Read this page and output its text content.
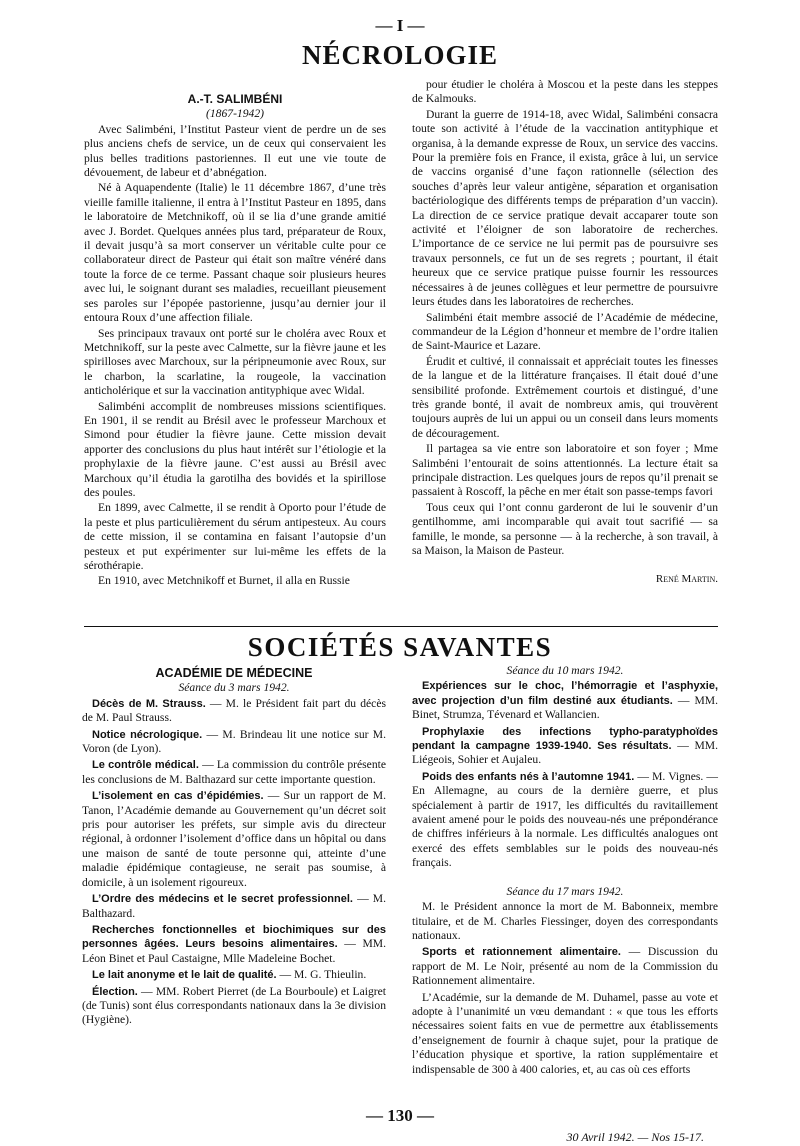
— I —
NÉCROLOGIE

A.-T. SALIMBÉNI

(1867-1942)

Avec Salimbéni, l’Institut Pasteur vient de perdre un de ses plus anciens chefs de service, un de ceux qui conservaient les plus belles traditions pastoriennes. Il eut une vie toute de dévouement, de labeur et d’abnégation.

Né à Aquapendente (Italie) le 11 décembre 1867, d’une très vieille famille italienne, il entra à l’Institut Pasteur en 1895, dans le laboratoire de Metchnikoff, où il se lia d’une grande amitié avec J. Bordet. Quelques années plus tard, préparateur de Roux, il devait jusqu’à sa mort conserver un véritable culte pour ce collaborateur direct de Pasteur qui était son maître vénéré dans toute la force de ce terme. Passant chaque soir plusieurs heures avec lui, le soignant durant ses maladies, recueillant pieusement ses paroles sur l’épopée pastorienne, jusqu’au dernier jour il entoura Roux d’une affection filiale.

Ses principaux travaux ont porté sur le choléra avec Roux et Metchnikoff, sur la peste avec Calmette, sur la fièvre jaune et les spirilloses avec Marchoux, sur la péripneumonie avec Roux, sur le charbon, la scarlatine, la rougeole, la vaccination anticholérique et sur la vaccination antityphique avec Widal.

Salimbéni accomplit de nombreuses missions scientifiques. En 1901, il se rendit au Brésil avec le professeur Marchoux et Simond pour étudier la fièvre jaune. Cette mission devait apporter des conclusions du plus haut intérêt sur l’étiologie et la prophylaxie de la fièvre jaune. C’est aussi au Brésil avec Marchoux qu’il étudia la garotilha des bovidés et la spirillose des poules.

En 1899, avec Calmette, il se rendit à Oporto pour l’étude de la peste et plus particulièrement du sérum antipesteux. Au cours de cette mission, il se contamina en faisant l’autopsie d’un pesteux et put expérimenter sur lui-même les effets de la sérothérapie.

En 1910, avec Metchnikoff et Burnet, il alla en Russie

pour étudier le choléra à Moscou et la peste dans les steppes de Kalmouks.

Durant la guerre de 1914-18, avec Widal, Salimbéni consacra toute son activité à l’étude de la vaccination antityphique et organisa, à la demande expresse de Roux, un service des vaccins. Pour la première fois en France, il exista, grâce à lui, un service de vaccins organisé d’une façon rationnelle (sélection des souches d’après leur valeur antigène, séparation et organisation bactériologique des différents temps de préparation d’un vaccin). La direction de ce service pratique devait accaparer toute son activité et l’éloigner de son laboratoire de recherches. L’importance de ce service ne lui permit pas de poursuivre ses travaux personnels, ce fut un de ses regrets ; pourtant, il était heureux que ce service pratique puisse fournir les ressources nécessaires à de jeunes collègues et leur permettre de poursuivre leurs études dans les laboratoires de recherches.

Salimbéni était membre associé de l’Académie de médecine, commandeur de la Légion d’honneur et membre de l’ordre italien de Saint-Maurice et Lazare.

Érudit et cultivé, il connaissait et appréciait toutes les finesses de la langue et de la littérature françaises. Il était doué d’une sensibilité profonde. Extrêmement courtois et distingué, d’une très grande bonté, il avait de nombreux amis, qui trouvèrent toujours auprès de lui un appui ou un conseil dans leurs moments de découragement.

Il partagea sa vie entre son laboratoire et son foyer ; Mme Salimbéni l’entourait de soins attentionnés. La lecture était sa principale distraction. Les quelques jours de repos qu’il prenait se passaient à Roscoff, la pêche en mer était son passe-temps favori

Tous ceux qui l’ont connu garderont de lui le souvenir d’un gentilhomme, ami incomparable qui avait tout sacrifié — sa famille, le monde, sa personne — à la recherche, à son travail, à sa Maison, la Maison de Pasteur.

René Martin.
SOCIÉTÉS SAVANTES

ACADÉMIE DE MÉDECINE

Séance du 3 mars 1942.

Décès de M. Strauss. — M. le Président fait part du décès de M. Paul Strauss.

Notice nécrologique. — M. Brindeau lit une notice sur M. Voron (de Lyon).

Le contrôle médical. — La commission du contrôle présente les conclusions de M. Balthazard sur cette importante question.

L’isolement en cas d’épidémies. — Sur un rapport de M. Tanon, l’Académie demande au Gouvernement qu’un décret soit pris pour autoriser les préfets, sur simple avis du directeur régional, à ordonner l’isolement d’office dans un hôpital ou dans une maison de santé de toute personne qui, atteinte d’une maladie épidémique contagieuse, ne serait pas soumise, à domicile, à un isolement rigoureux.

L’Ordre des médecins et le secret professionnel. — M. Balthazard.

Recherches fonctionnelles et biochimiques sur des personnes âgées. Leurs besoins alimentaires. — MM. Léon Binet et Paul Castaigne, Mlle Madeleine Bochet.

Le lait anonyme et le lait de qualité. — M. G. Thieulin.

Élection. — MM. Robert Pierret (de La Bourboule) et Laigret (de Tunis) sont élus correspondants nationaux dans la 3e division (Hygiène).

Séance du 10 mars 1942.

Expériences sur le choc, l’hémorragie et l’asphyxie, avec projection d’un film destiné aux étudiants. — MM. Binet, Strumza, Tévenard et Wallancien.

Prophylaxie des infections typho-paratyphoïdes pendant la campagne 1939-1940. Ses résultats. — MM. Liégeois, Sohier et Aujaleu.

Poids des enfants nés à l’automne 1941. — M. Vignes. — En Allemagne, au cours de la dernière guerre, et plus spécialement à partir de 1917, les difficultés du ravitaillement avaient amené pour le poids des nouveau-nés une prépondérance de chiffres inférieurs à la normale. Les difficultés analogues ont exercé des effets semblables sur le poids des nouveau-nés français.

Séance du 17 mars 1942.

M. le Président annonce la mort de M. Babonneix, membre titulaire, et de M. Charles Fiessinger, doyen des correspondants nationaux.

Sports et rationnement alimentaire. — Discussion du rapport de M. Le Noir, présenté au nom de la Commission du Rationnement alimentaire.

L’Académie, sur la demande de M. Duhamel, passe au vote et adopte à l’unanimité un vœu demandant : « que tous les efforts nécessaires soient faits en vue de permettre aux établissements d’enseignement de fournir à chaque sujet, pour la pratique de l’éducation physique et sportive, la ration supplémentaire et indispensable de 300 à 400 calories, et, au cas où ces efforts

— 130 —
30 Avril 1942. — Nos 15-17.
